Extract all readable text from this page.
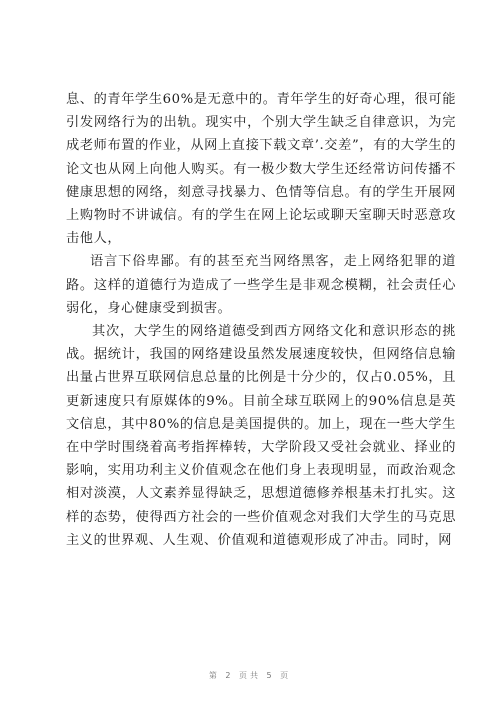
息、的青年学生60%是无意中的。青年学生的好奇心理，很可能引发网络行为的出轨。现实中，个别大学生缺乏自律意识，为完成老师布置的作业，从网上直接下载文章’.交差”，有的大学生的论文也从网上向他人购买。有一极少数大学生还经常访问传播不健康思想的网络，刻意寻找暴力、色情等信息。有的学生开展网上购物时不讲诚信。有的学生在网上论坛或聊天室聊天时恶意攻击他人，

语言下俗卑鄙。有的甚至充当网络黑客，走上网络犯罪的道路。这样的道德行为造成了一些学生是非观念模糊，社会责任心弱化，身心健康受到损害。

其次，大学生的网络道德受到西方网络文化和意识形态的挑战。据统计，我国的网络建设虽然发展速度较快，但网络信息输出量占世界互联网信息总量的比例是十分少的，仅占0.05%，且更新速度只有原媒体的9%。目前全球互联网上的90%信息是英文信息，其中80%的信息是美国提供的。加上，现在一些大学生在中学时围绕着高考指挥棒转，大学阶段又受社会就业、择业的影响，实用功利主义价值观念在他们身上表现明显，而政治观念相对淡漠，人文素养显得缺乏，思想道德修养根基未打扎实。这样的态势，使得西方社会的一些价值观念对我们大学生的马克思主义的世界观、人生观、价值观和道德观形成了冲击。同时，网

第 2 页共 5 页
